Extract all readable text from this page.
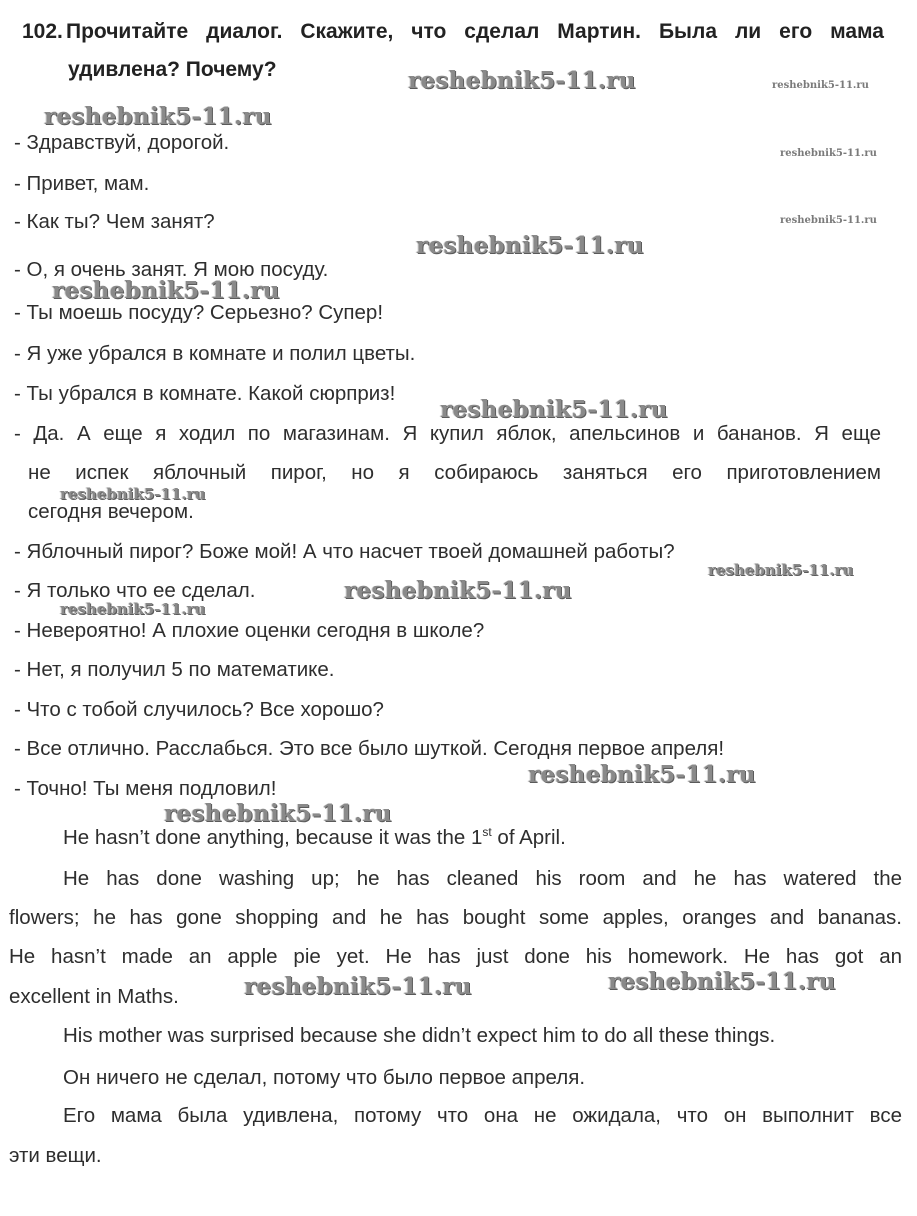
102. Прочитайте диалог. Скажите, что сделал Мартин. Была ли его мама
удивлена? Почему?
- Здравствуй, дорогой.
- Привет, мам.
- Как ты? Чем занят?
- О, я очень занят. Я мою посуду.
- Ты моешь посуду? Серьезно? Супер!
- Я уже убрался в комнате и полил цветы.
- Ты убрался в комнате. Какой сюрприз!
- Да. А еще я ходил по магазинам. Я купил яблок, апельсинов и бананов. Я еще
не испек яблочный пирог, но я собираюсь заняться его приготовлением
сегодня вечером.
- Яблочный пирог? Боже мой! А что насчет твоей домашней работы?
- Я только что ее сделал.
- Невероятно! А плохие оценки сегодня в школе?
- Нет, я получил 5 по математике.
- Что с тобой случилось? Все хорошо?
- Все отлично. Расслабься. Это все было шуткой. Сегодня первое апреля!
- Точно! Ты меня подловил!
He hasn’t done anything, because it was the 1st of April.
He has done washing up; he has cleaned his room and he has watered the
flowers; he has gone shopping and he has bought some apples, oranges and bananas.
He hasn’t made an apple pie yet. He has just done his homework. He has got an
excellent in Maths.
His mother was surprised because she didn’t expect him to do all these things.
Он ничего не сделал, потому что было первое апреля.
Его мама была удивлена, потому что она не ожидала, что он выполнит все
эти вещи.
reshebnik5-11.ru	reshebnik5-11.ru
reshebnik5-11.ru
reshebnik5-11.ru
reshebnik5-11.ru
reshebnik5-11.ru
reshebnik5-11.ru
reshebnik5-11.ru
reshebnik5-11.ru
reshebnik5-11.ru
reshebnik5-11.ru
reshebnik5-11.ru
reshebnik5-11.ru
reshebnik5-11.ru
reshebnik5-11.ru
reshebnik5-11.ru
